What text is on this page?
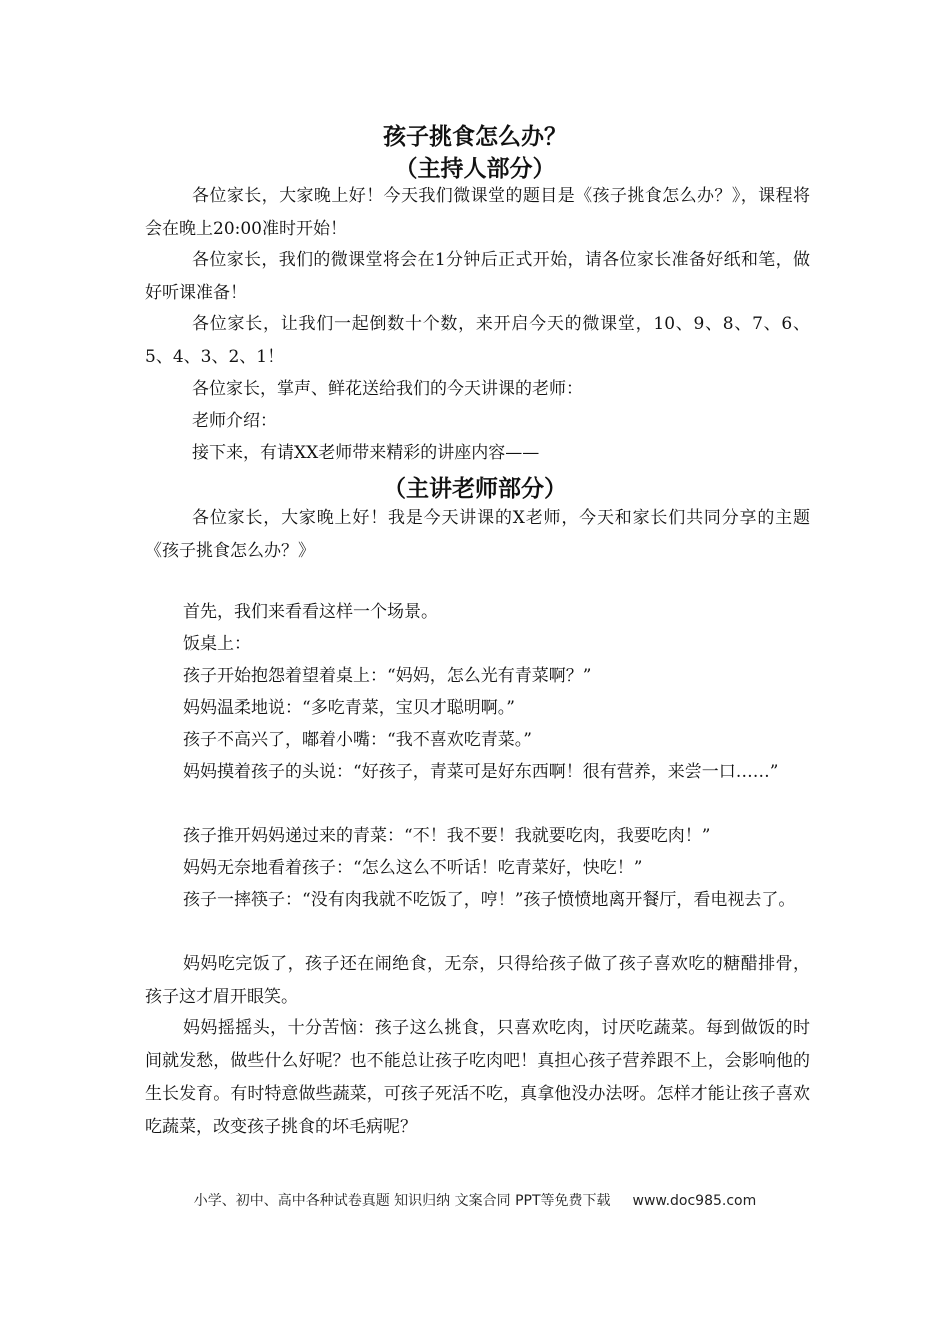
孩子挑食怎么办？
（主持人部分）
各位家长，大家晚上好！今天我们微课堂的题目是《孩子挑食怎么办？》，课程将会在晚上20:00准时开始！
各位家长，我们的微课堂将会在1分钟后正式开始，请各位家长准备好纸和笔，做好听课准备！
各位家长，让我们一起倒数十个数，来开启今天的微课堂，10、9、8、7、6、5、4、3、2、1！
各位家长，掌声、鲜花送给我们的今天讲课的老师：
老师介绍：
接下来，有请XX老师带来精彩的讲座内容——
（主讲老师部分）
各位家长，大家晚上好！我是今天讲课的X老师，今天和家长们共同分享的主题《孩子挑食怎么办？》
首先，我们来看看这样一个场景。
饭桌上：
孩子开始抱怨着望着桌上：“妈妈，怎么光有青菜啊？”
妈妈温柔地说：“多吃青菜，宝贝才聪明啊。”
孩子不高兴了，嘟着小嘴：“我不喜欢吃青菜。”
妈妈摸着孩子的头说：“好孩子，青菜可是好东西啊！很有营养，来尝一口……”
孩子推开妈妈递过来的青菜：“不！我不要！我就要吃肉，我要吃肉！”
妈妈无奈地看着孩子：“怎么这么不听话！吃青菜好，快吃！”
孩子一摔筷子：“没有肉我就不吃饭了，哼！”孩子愤愤地离开餐厅，看电视去了。
妈妈吃完饭了，孩子还在闹绝食，无奈，只得给孩子做了孩子喜欢吃的糖醋排骨，孩子这才眉开眼笑。
妈妈摇摇头，十分苦恼：孩子这么挑食，只喜欢吃肉，讨厌吃蔬菜。每到做饭的时间就发愁，做些什么好呢？也不能总让孩子吃肉吧！真担心孩子营养跟不上，会影响他的生长发育。有时特意做些蔬菜，可孩子死活不吃，真拿他没办法呀。怎样才能让孩子喜欢吃蔬菜，改变孩子挑食的坏毛病呢？
小学、初中、高中各种试卷真题 知识归纳 文案合同 PPT等免费下载 www.doc985.com
